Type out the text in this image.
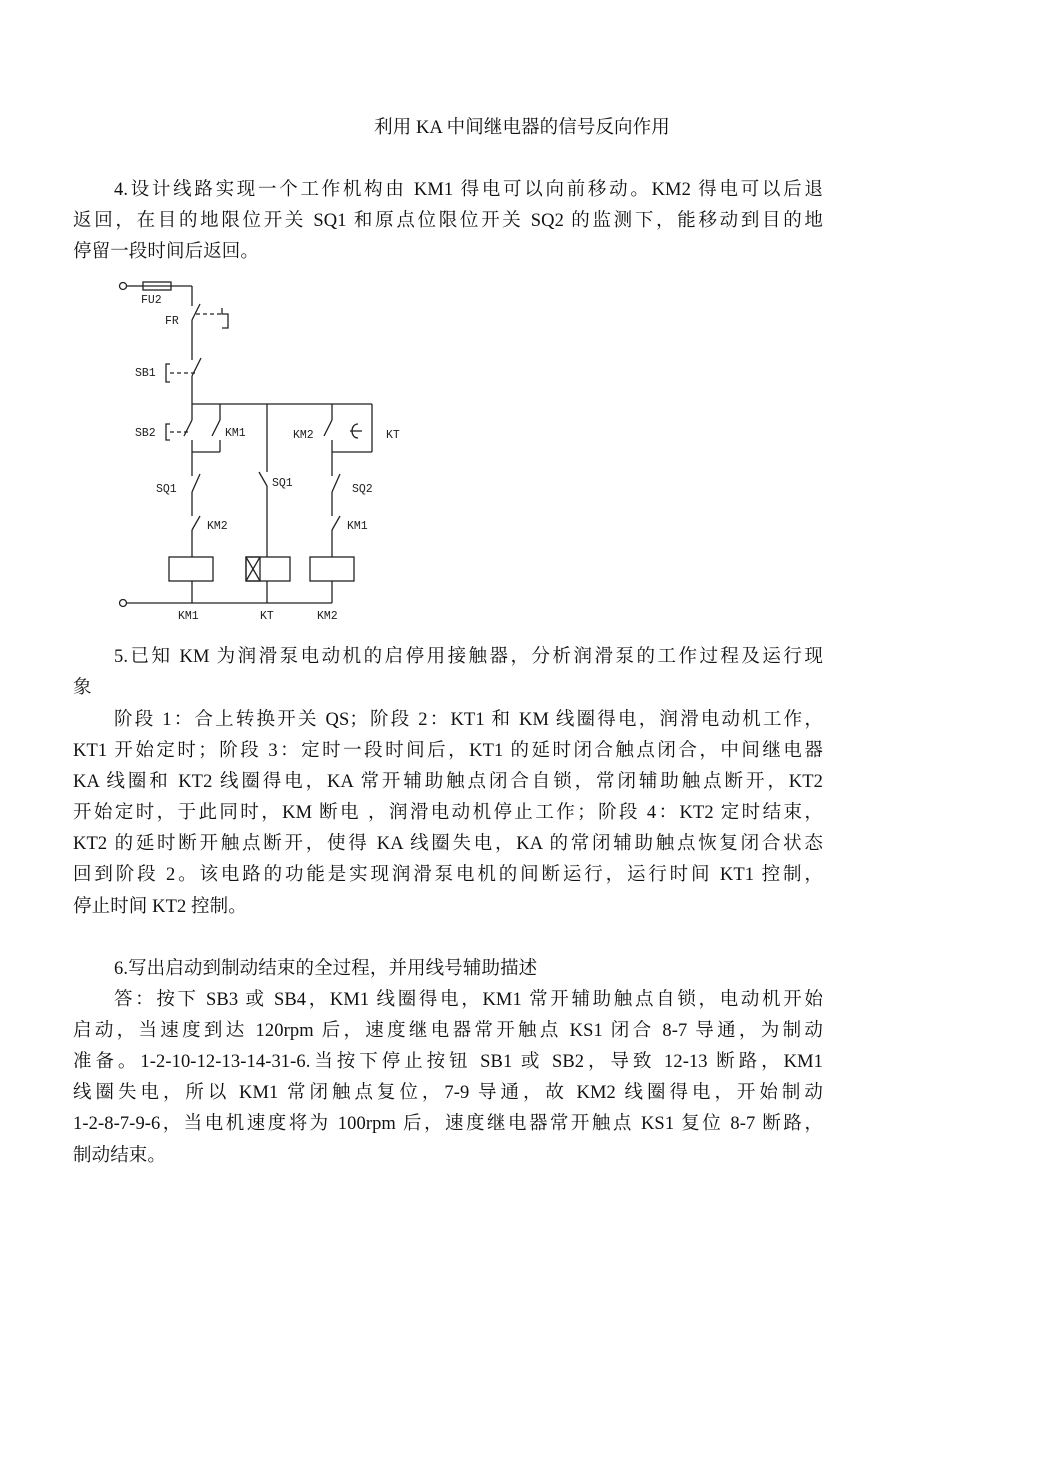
利用 KA 中间继电器的信号反向作用
4.设计线路实现一个工作机构由 KM1 得电可以向前移动。KM2 得电可以后退
返回，在目的地限位开关 SQ1 和原点位限位开关 SQ2 的监测下，能移动到目的地
停留一段时间后返回。
FU2
FR
SB1
SB2	KM1
SQ1
KM2
SQ1
KM2	KT
SQ2
KM1
KM1	KT	KM2
5.已知 KM 为润滑泵电动机的启停用接触器，分析润滑泵的工作过程及运行现
象
阶段 1：合上转换开关 QS；阶段 2：KT1 和 KM 线圈得电，润滑电动机工作，
KT1 开始定时；阶段 3：定时一段时间后，KT1 的延时闭合触点闭合，中间继电器
KA 线圈和 KT2 线圈得电，KA 常开辅助触点闭合自锁，常闭辅助触点断开，KT2
开始定时，于此同时，KM 断电 ，润滑电动机停止工作；阶段 4：KT2 定时结束，
KT2 的延时断开触点断开，使得 KA 线圈失电，KA 的常闭辅助触点恢复闭合状态
回到阶段 2。该电路的功能是实现润滑泵电机的间断运行，运行时间 KT1 控制，
停止时间 KT2 控制。
6.写出启动到制动结束的全过程，并用线号辅助描述
答：按下 SB3 或 SB4，KM1 线圈得电，KM1 常开辅助触点自锁，电动机开始
启动，当速度到达 120rpm 后，速度继电器常开触点 KS1 闭合 8-7 导通，为制动
准备。1-2-10-12-13-14-31-6.当按下停止按钮 SB1 或 SB2，导致 12-13 断路，KM1
线圈失电，所以 KM1 常闭触点复位，7-9 导通，故 KM2 线圈得电，开始制动
1-2-8-7-9-6，当电机速度将为 100rpm 后，速度继电器常开触点 KS1 复位 8-7 断路，
制动结束。
